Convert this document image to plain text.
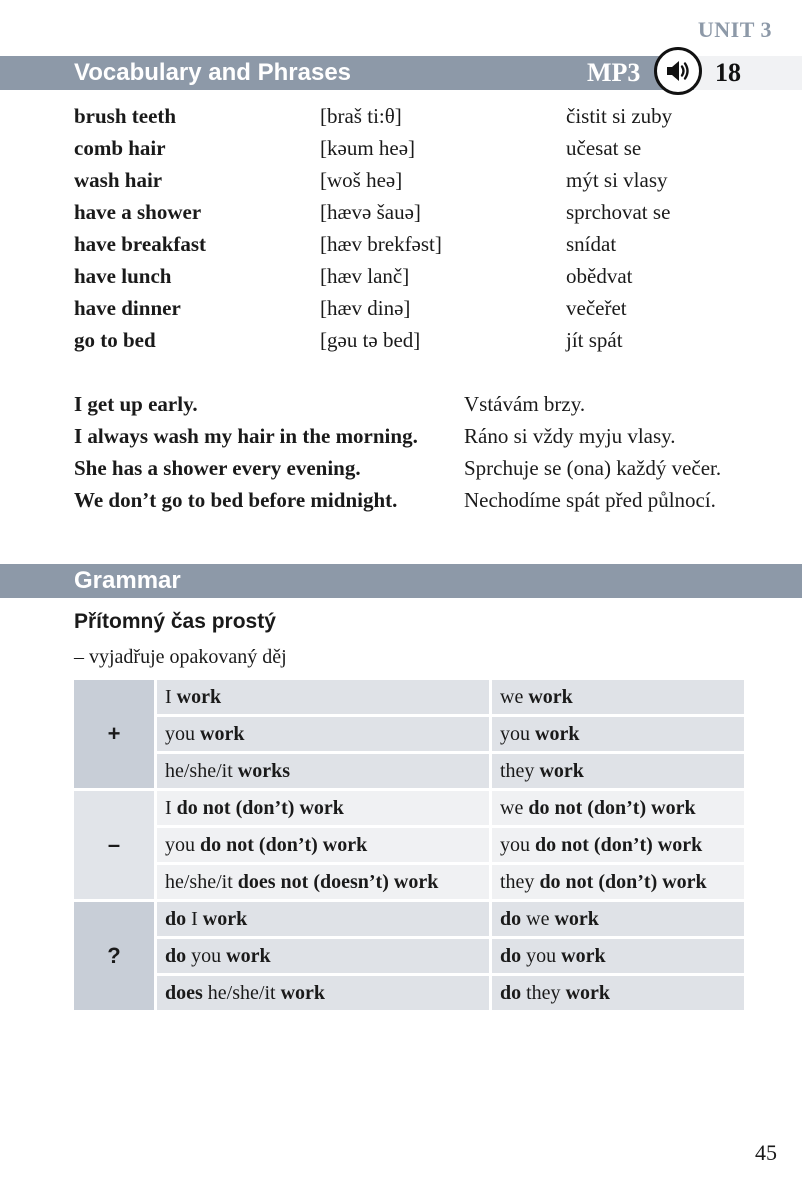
UNIT 3
Vocabulary and Phrases	MP3	18
brush teeth	[braš ti:θ]	čistit si zuby
comb hair	[kəum heə]	učesat se
wash hair	[woš heə]	mýt si vlasy
have a shower	[hævə šauə]	sprchovat se
have breakfast	[hæv brekfəst]	snídat
have lunch	[hæv lanč]	obědvat
have dinner	[hæv dinə]	večeřet
go to bed	[gəu tə bed]	jít spát
I get up early.	Vstávám brzy.
I always wash my hair in the morning. Ráno si vždy myju vlasy.
She has a shower every evening.	Sprchuje se (ona) každý večer.
We don’t go to bed before midnight.	Nechodíme spát před půlnocí.
Grammar
Přítomný čas prostý
– vyjadřuje opakovaný děj
+	I work	we work
	you work	you work
	he/she/it works	they work
–	I do not (don’t) work	we do not (don’t) work
	you do not (don’t) work	you do not (don’t) work
	he/she/it does not (doesn’t) work	they do not (don’t) work
?	do I work	do we work
	do you work	do you work
	does he/she/it work	do they work
45
